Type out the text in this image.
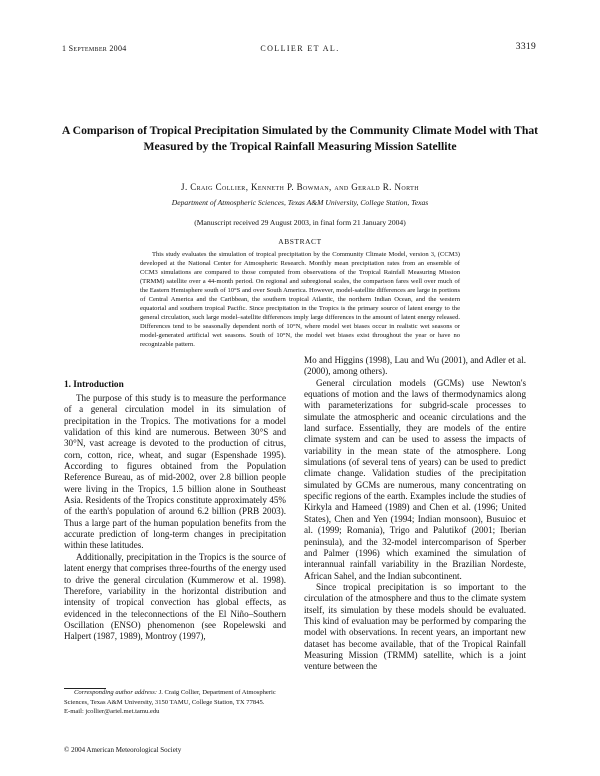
1 September 2004	COLLIER ET AL.	3319
A Comparison of Tropical Precipitation Simulated by the Community Climate Model with That Measured by the Tropical Rainfall Measuring Mission Satellite
J. Craig Collier, Kenneth P. Bowman, and Gerald R. North
Department of Atmospheric Sciences, Texas A&M University, College Station, Texas
(Manuscript received 29 August 2003, in final form 21 January 2004)
ABSTRACT
This study evaluates the simulation of tropical precipitation by the Community Climate Model, version 3, (CCM3) developed at the National Center for Atmospheric Research. Monthly mean precipitation rates from an ensemble of CCM3 simulations are compared to those computed from observations of the Tropical Rainfall Measuring Mission (TRMM) satellite over a 44-month period. On regional and subregional scales, the comparison fares well over much of the Eastern Hemisphere south of 10°S and over South America. However, model-satellite differences are large in portions of Central America and the Caribbean, the southern tropical Atlantic, the northern Indian Ocean, and the western equatorial and southern tropical Pacific. Since precipitation in the Tropics is the primary source of latent energy to the general circulation, such large model–satellite differences imply large differences in the amount of latent energy released. Differences tend to be seasonally dependent north of 10°N, where model wet biases occur in realistic wet seasons or model-generated artificial wet seasons. South of 10°N, the model wet biases exist throughout the year or have no recognizable pattern.
1. Introduction

The purpose of this study is to measure the performance of a general circulation model in its simulation of precipitation in the Tropics. The motivations for a model validation of this kind are numerous. Between 30°S and 30°N, vast acreage is devoted to the production of citrus, corn, cotton, rice, wheat, and sugar (Espenshade 1995). According to figures obtained from the Population Reference Bureau, as of mid-2002, over 2.8 billion people were living in the Tropics, 1.5 billion alone in Southeast Asia. Residents of the Tropics constitute approximately 45% of the earth's population of around 6.2 billion (PRB 2003). Thus a large part of the human population benefits from the accurate prediction of long-term changes in precipitation within these latitudes.

Additionally, precipitation in the Tropics is the source of latent energy that comprises three-fourths of the energy used to drive the general circulation (Kummerow et al. 1998). Therefore, variability in the horizontal distribution and intensity of tropical convection has global effects, as evidenced in the teleconnections of the El Niño–Southern Oscillation (ENSO) phenomenon (see Ropelewski and Halpert (1987, 1989), Montroy (1997),

Mo and Higgins (1998), Lau and Wu (2001), and Adler et al. (2000), among others).

General circulation models (GCMs) use Newton's equations of motion and the laws of thermodynamics along with parameterizations for subgrid-scale processes to simulate the atmospheric and oceanic circulations and the land surface. Essentially, they are models of the entire climate system and can be used to assess the impacts of variability in the mean state of the atmosphere. Long simulations (of several tens of years) can be used to predict climate change. Validation studies of the precipitation simulated by GCMs are numerous, many concentrating on specific regions of the earth. Examples include the studies of Kirkyla and Hameed (1989) and Chen et al. (1996; United States), Chen and Yen (1994; Indian monsoon), Busuioc et al. (1999; Romania), Trigo and Palutikof (2001; Iberian peninsula), and the 32-model intercomparison of Sperber and Palmer (1996) which examined the simulation of interannual rainfall variability in the Brazilian Nordeste, African Sahel, and the Indian subcontinent.

Since tropical precipitation is so important to the circulation of the atmosphere and thus to the climate system itself, its simulation by these models should be evaluated. This kind of evaluation may be performed by comparing the model with observations. In recent years, an important new dataset has become available, that of the Tropical Rainfall Measuring Mission (TRMM) satellite, which is a joint venture between the

Corresponding author address: J. Craig Collier, Department of Atmospheric Sciences, Texas A&M University, 3150 TAMU, College Station, TX 77845.

E-mail: jcollier@ariel.met.tamu.edu

© 2004 American Meteorological Society
